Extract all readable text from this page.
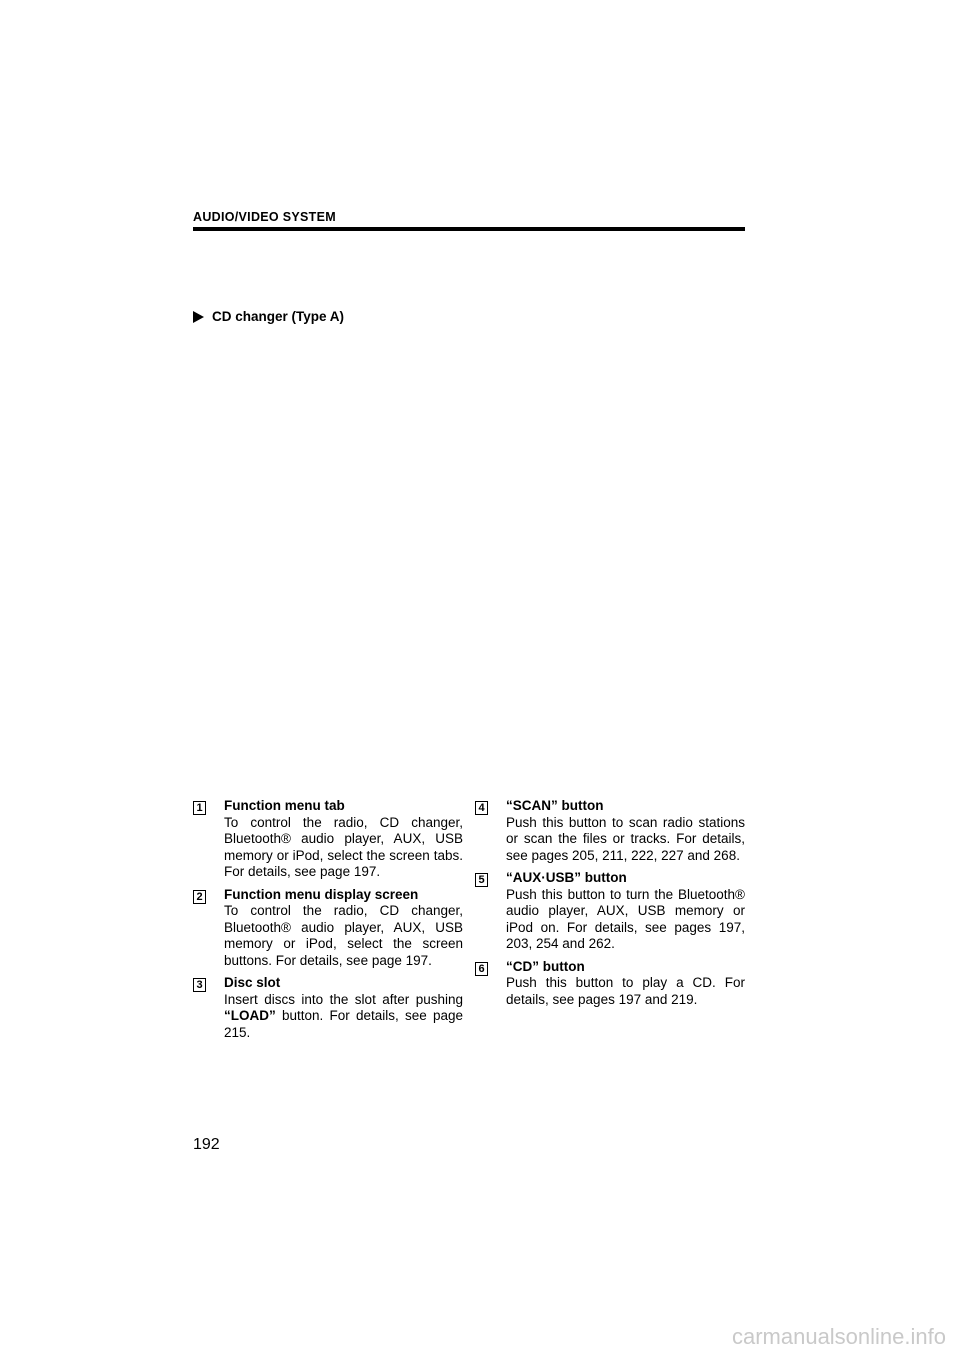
AUDIO/VIDEO SYSTEM
CD changer (Type A)
1 Function menu tab
To control the radio, CD changer, Bluetooth® audio player, AUX, USB memory or iPod, select the screen tabs. For details, see page 197.
2 Function menu display screen
To control the radio, CD changer, Bluetooth® audio player, AUX, USB memory or iPod, select the screen buttons. For details, see page 197.
3 Disc slot
Insert discs into the slot after pushing “LOAD” button. For details, see page 215.
4 “SCAN” button
Push this button to scan radio stations or scan the files or tracks. For details, see pages 205, 211, 222, 227 and 268.
5 “AUX·USB” button
Push this button to turn the Bluetooth® audio player, AUX, USB memory or iPod on. For details, see pages 197, 203, 254 and 262.
6 “CD” button
Push this button to play a CD. For details, see pages 197 and 219.
192
carmanualsonline.info
